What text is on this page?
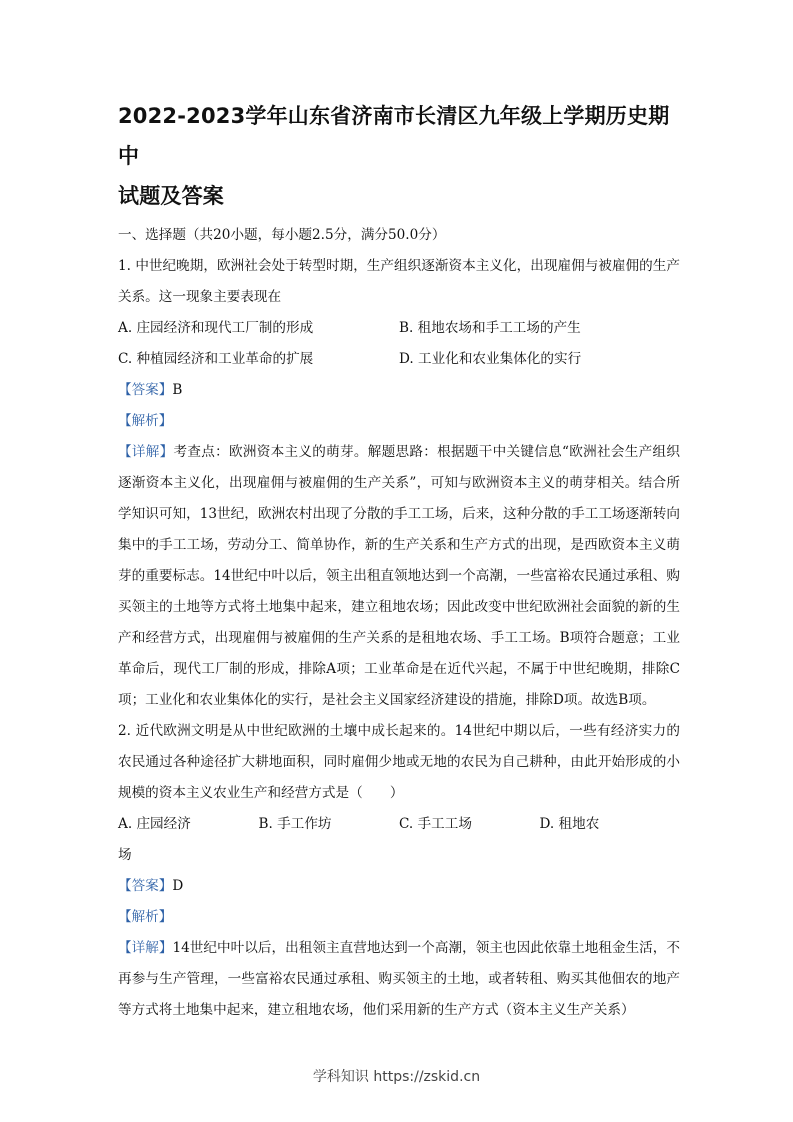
2022-2023学年山东省济南市长清区九年级上学期历史期中
试题及答案
一、选择题（共20小题，每小题2.5分，满分50.0分）
1. 中世纪晚期，欧洲社会处于转型时期，生产组织逐渐资本主义化，出现雇佣与被雇佣的生产关系。这一现象主要表现在
A. 庄园经济和现代工厂制的形成	B. 租地农场和手工工场的产生
C. 种植园经济和工业革命的扩展	D. 工业化和农业集体化的实行
【答案】B
【解析】
【详解】考查点：欧洲资本主义的萌芽。解题思路：根据题干中关键信息“欧洲社会生产组织逐渐资本主义化，出现雇佣与被雇佣的生产关系”，可知与欧洲资本主义的萌芽相关。结合所学知识可知，13世纪，欧洲农村出现了分散的手工工场，后来，这种分散的手工工场逐渐转向集中的手工工场，劳动分工、简单协作，新的生产关系和生产方式的出现，是西欧资本主义萌芽的重要标志。14世纪中叶以后，领主出租直领地达到一个高潮，一些富裕农民通过承租、购买领主的土地等方式将土地集中起来，建立租地农场；因此改变中世纪欧洲社会面貌的新的生产和经营方式，出现雇佣与被雇佣的生产关系的是租地农场、手工工场。B项符合题意；工业革命后，现代工厂制的形成，排除A项；工业革命是在近代兴起，不属于中世纪晚期，排除C项；工业化和农业集体化的实行，是社会主义国家经济建设的措施，排除D项。故选B项。
2. 近代欧洲文明是从中世纪欧洲的土壤中成长起来的。14世纪中期以后，一些有经济实力的农民通过各种途径扩大耕地面积，同时雇佣少地或无地的农民为自己耕种，由此开始形成的小规模的资本主义农业生产和经营方式是（　　）
A. 庄园经济	B. 手工作坊	C. 手工工场	D. 租地农
场
【答案】D
【解析】
【详解】14世纪中叶以后，出租领主直营地达到一个高潮，领主也因此依靠土地租金生活，不再参与生产管理，一些富裕农民通过承租、购买领主的土地，或者转租、购买其他佃农的地产等方式将土地集中起来，建立租地农场，他们采用新的生产方式（资本主义生产关系）
学科知识 https://zskid.cn
